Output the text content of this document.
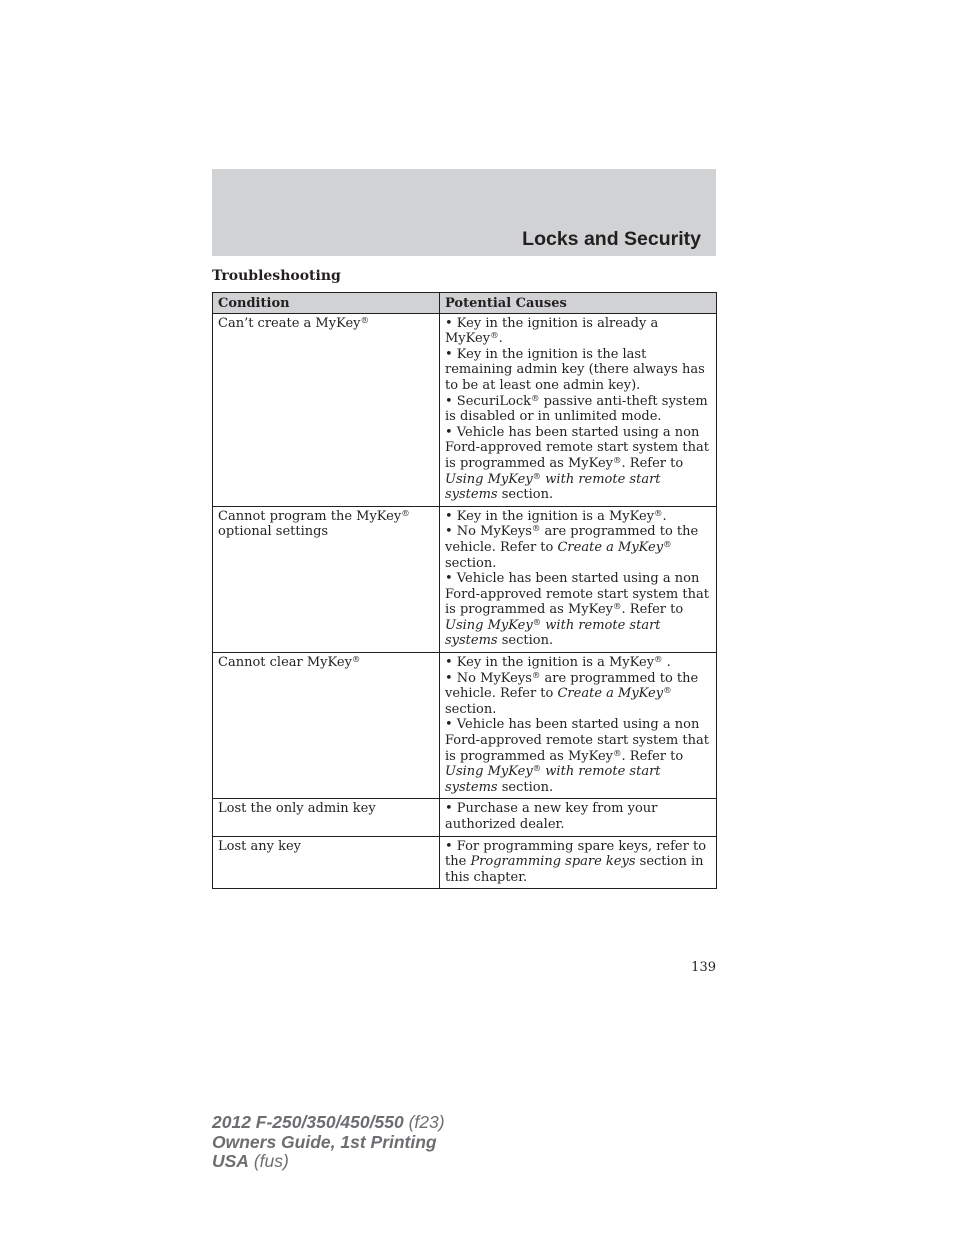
Locks and Security
Troubleshooting
Condition	Potential Causes
Can’t create a MyKey®	• Key in the ignition is already a MyKey®.
• Key in the ignition is the last remaining admin key (there always has to be at least one admin key).
• SecuriLock® passive anti-theft system is disabled or in unlimited mode.
• Vehicle has been started using a non Ford-approved remote start system that is programmed as MyKey®. Refer to Using MyKey® with remote start systems section.

Cannot program the MyKey® optional settings	• Key in the ignition is a MyKey®.
• No MyKeys® are programmed to the vehicle. Refer to Create a MyKey® section.
• Vehicle has been started using a non Ford-approved remote start system that is programmed as MyKey®. Refer to Using MyKey® with remote start systems section.

Cannot clear MyKey®	• Key in the ignition is a MyKey® .
• No MyKeys® are programmed to the vehicle. Refer to Create a MyKey® section.
• Vehicle has been started using a non Ford-approved remote start system that is programmed as MyKey®. Refer to Using MyKey® with remote start systems section.

Lost the only admin key	• Purchase a new key from your authorized dealer.

Lost any key	• For programming spare keys, refer to the Programming spare keys section in this chapter.
139
2012 F-250/350/450/550 (f23)
Owners Guide, 1st Printing
USA (fus)
